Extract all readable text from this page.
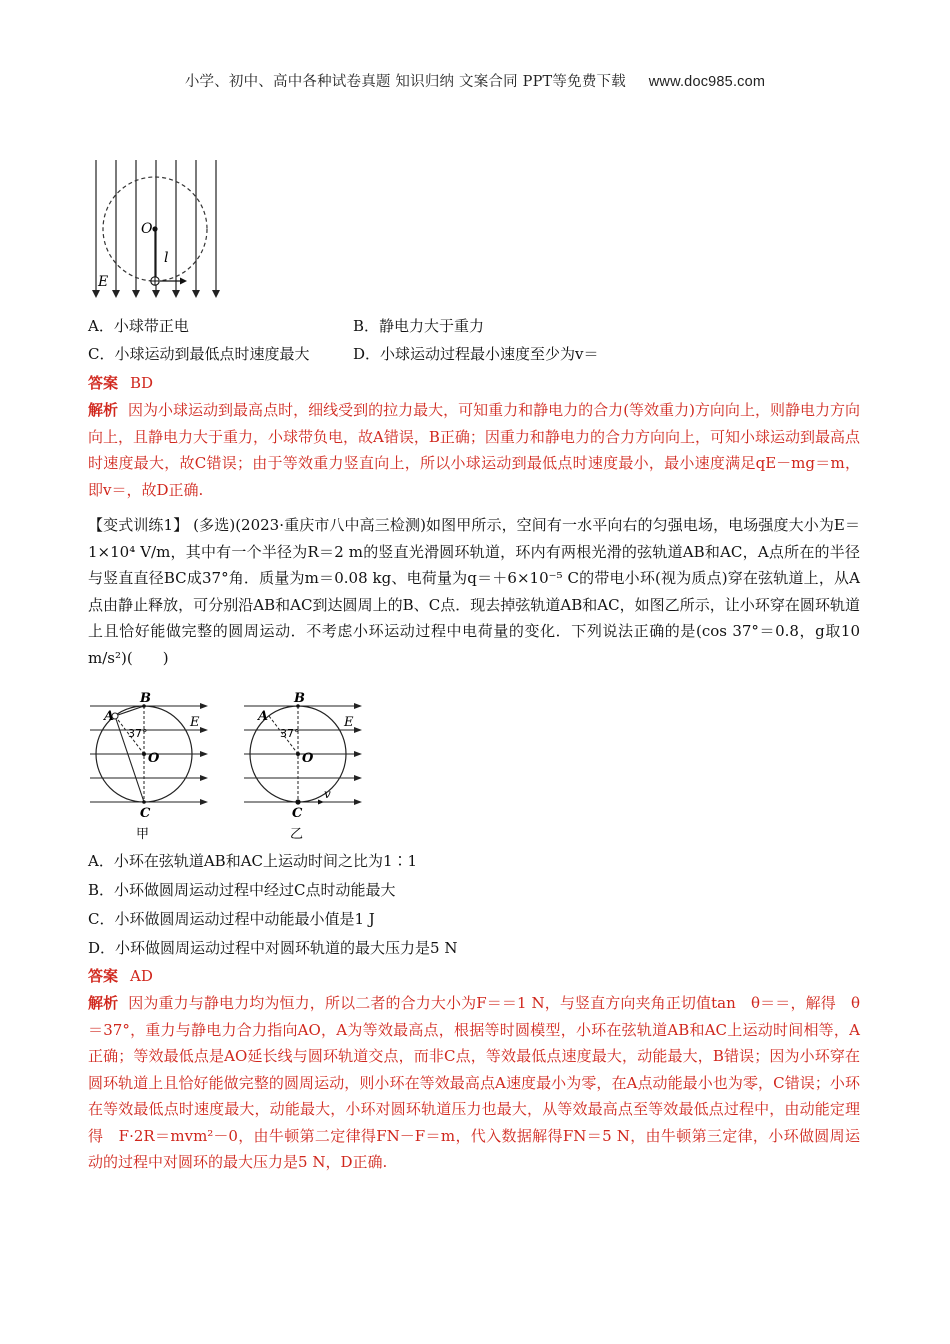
小学、初中、高中各种试卷真题 知识归纳 文案合同 PPT等免费下载 www.doc985.com
O
l
E
A．小球带正电	B．静电力大于重力
C．小球运动到最低点时速度最大	D．小球运动过程最小速度至少为v＝
答案 BD
解析 因为小球运动到最高点时，细线受到的拉力最大，可知重力和静电力的合力(等效重力)方向向上，则静电力方向向上，且静电力大于重力，小球带负电，故A错误，B正确；因重力和静电力的合力方向向上，可知小球运动到最高点时速度最大，故C错误；由于等效重力竖直向上，所以小球运动到最低点时速度最小，最小速度满足qE－mg＝m，即v＝，故D正确.
【变式训练1】 (多选)(2023·重庆市八中高三检测)如图甲所示，空间有一水平向右的匀强电场，电场强度大小为E＝1×10⁴ V/m，其中有一个半径为R＝2 m的竖直光滑圆环轨道，环内有两根光滑的弦轨道AB和AC，A点所在的半径与竖直直径BC成37°角．质量为m＝0.08 kg、电荷量为q＝＋6×10⁻⁵ C的带电小环(视为质点)穿在弦轨道上，从A点由静止释放，可分别沿AB和AC到达圆周上的B、C点．现去掉弦轨道AB和AC，如图乙所示，让小环穿在圆环轨道上且恰好能做完整的圆周运动．不考虑小环运动过程中电荷量的变化．下列说法正确的是(cos 37°＝0.8，g取10 m/s²)(　　)
B
A
37°
O
C
E
甲
B
A
37°
O
C
v
E
乙
A．小环在弦轨道AB和AC上运动时间之比为1∶1
B．小环做圆周运动过程中经过C点时动能最大
C．小环做圆周运动过程中动能最小值是1 J
D．小环做圆周运动过程中对圆环轨道的最大压力是5 N
答案 AD
解析 因为重力与静电力均为恒力，所以二者的合力大小为F＝＝1 N，与竖直方向夹角正切值tan　θ＝＝，解得　θ＝37°，重力与静电力合力指向AO，A为等效最高点，根据等时圆模型，小环在弦轨道AB和AC上运动时间相等，A正确；等效最低点是AO延长线与圆环轨道交点，而非C点，等效最低点速度最大，动能最大，B错误；因为小环穿在圆环轨道上且恰好能做完整的圆周运动，则小环在等效最高点A速度最小为零，在A点动能最小也为零，C错误；小环在等效最低点时速度最大，动能最大，小环对圆环轨道压力也最大，从等效最高点至等效最低点过程中，由动能定理得　F·2R＝mvm²－0，由牛顿第二定律得FN－F＝m，代入数据解得FN＝5 N，由牛顿第三定律，小环做圆周运动的过程中对圆环的最大压力是5 N，D正确.
